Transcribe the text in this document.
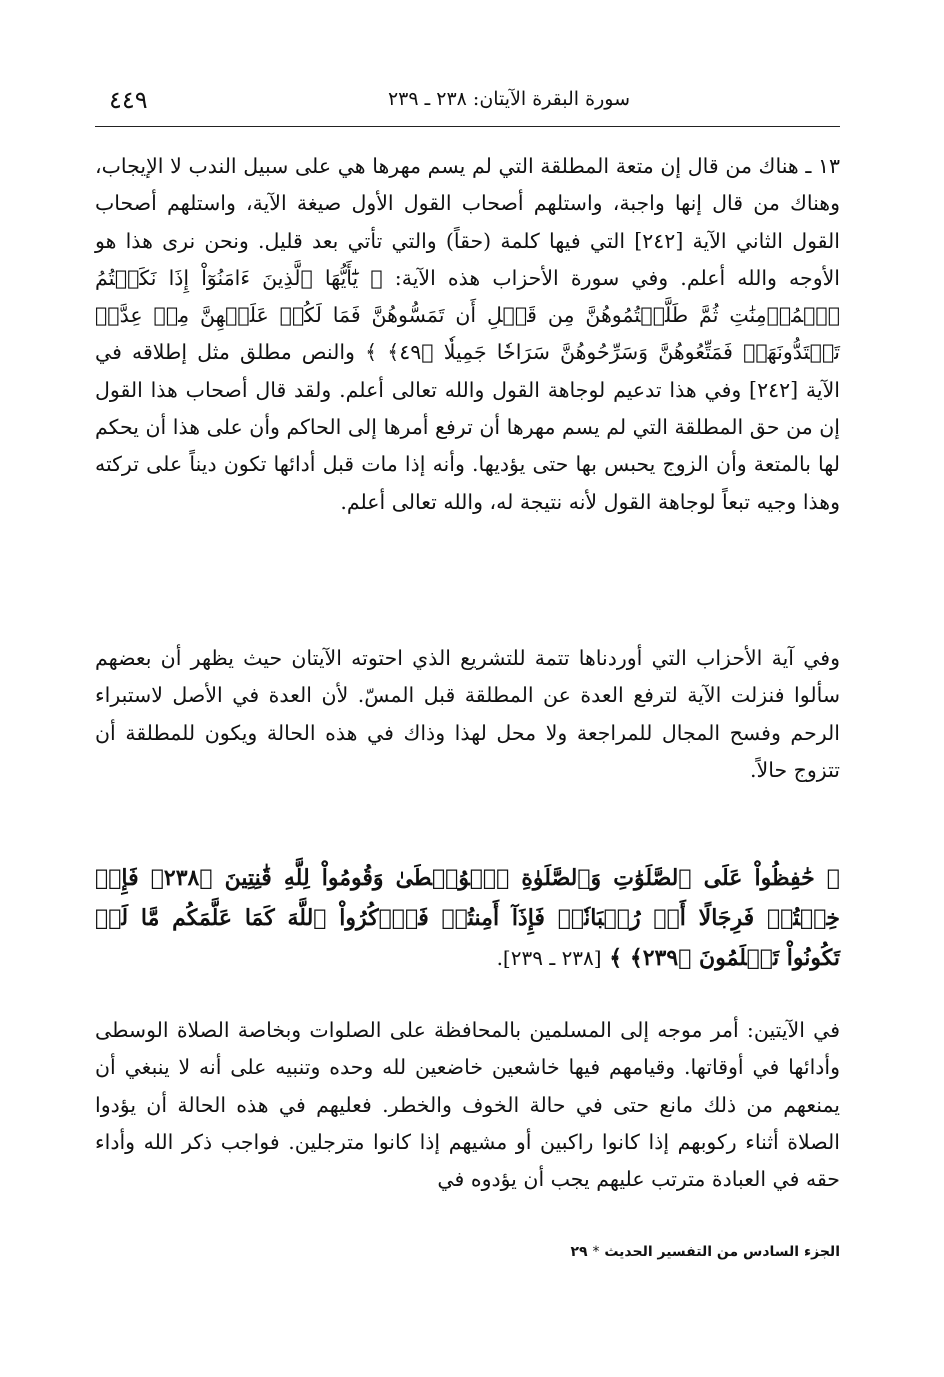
سورة البقرة الآيتان: ٢٣٨ ـ ٢٣٩
٤٤٩
١٣ ـ هناك من قال إن متعة المطلقة التي لم يسم مهرها هي على سبيل الندب لا الإيجاب، وهناك من قال إنها واجبة، واستلهم أصحاب القول الأول صيغة الآية، واستلهم أصحاب القول الثاني الآية [٢٤٢] التي فيها كلمة (حقاً) والتي تأتي بعد قليل. ونحن نرى هذا هو الأوجه والله أعلم. وفي سورة الأحزاب هذه الآية: ﴿ يَٰٓأَيُّهَا ٱلَّذِينَ ءَامَنُوٓاْ إِذَا نَكَحۡتُمُ ٱلۡمُؤۡمِنَٰتِ ثُمَّ طَلَّقۡتُمُوهُنَّ مِن قَبۡلِ أَن تَمَسُّوهُنَّ فَمَا لَكُمۡ عَلَيۡهِنَّ مِنۡ عِدَّةٖ تَعۡتَدُّونَهَاۖ فَمَتِّعُوهُنَّ وَسَرِّحُوهُنَّ سَرَاحٗا جَمِيلٗا ﴿٤٩﴾ ﴾ والنص مطلق مثل إطلاقه في الآية [٢٤٢] وفي هذا تدعيم لوجاهة القول والله تعالى أعلم. ولقد قال أصحاب هذا القول إن من حق المطلقة التي لم يسم مهرها أن ترفع أمرها إلى الحاكم وأن على هذا أن يحكم لها بالمتعة وأن الزوج يحبس بها حتى يؤديها. وأنه إذا مات قبل أدائها تكون ديناً على تركته وهذا وجيه تبعاً لوجاهة القول لأنه نتيجة له، والله تعالى أعلم.
وفي آية الأحزاب التي أوردناها تتمة للتشريع الذي احتوته الآيتان حيث يظهر أن بعضهم سألوا فنزلت الآية لترفع العدة عن المطلقة قبل المسّ. لأن العدة في الأصل لاستبراء الرحم وفسح المجال للمراجعة ولا محل لهذا وذاك في هذه الحالة ويكون للمطلقة أن تتزوج حالاً.
﴿ حَٰفِظُواْ عَلَى ٱلصَّلَوَٰتِ وَٱلصَّلَوٰةِ ٱلۡوُسۡطَىٰ وَقُومُواْ لِلَّهِ قَٰنِتِينَ ﴿٢٣٨﴾ فَإِنۡ خِفۡتُمۡ فَرِجَالًا أَوۡ رُكۡبَانٗاۖ فَإِذَآ أَمِنتُمۡ فَٱذۡكُرُواْ ٱللَّهَ كَمَا عَلَّمَكُم مَّا لَمۡ تَكُونُواْ تَعۡلَمُونَ ﴿٢٣٩﴾ ﴾ [٢٣٨ ـ ٢٣٩].
في الآيتين: أمر موجه إلى المسلمين بالمحافظة على الصلوات وبخاصة الصلاة الوسطى وأدائها في أوقاتها. وقيامهم فيها خاشعين خاضعين لله وحده وتنبيه على أنه لا ينبغي أن يمنعهم من ذلك مانع حتى في حالة الخوف والخطر. فعليهم في هذه الحالة أن يؤدوا الصلاة أثناء ركوبهم إذا كانوا راكبين أو مشيهم إذا كانوا مترجلين. فواجب ذكر الله وأداء حقه في العبادة مترتب عليهم يجب أن يؤدوه في
الجزء السادس من التفسير الحديث * ٢٩
